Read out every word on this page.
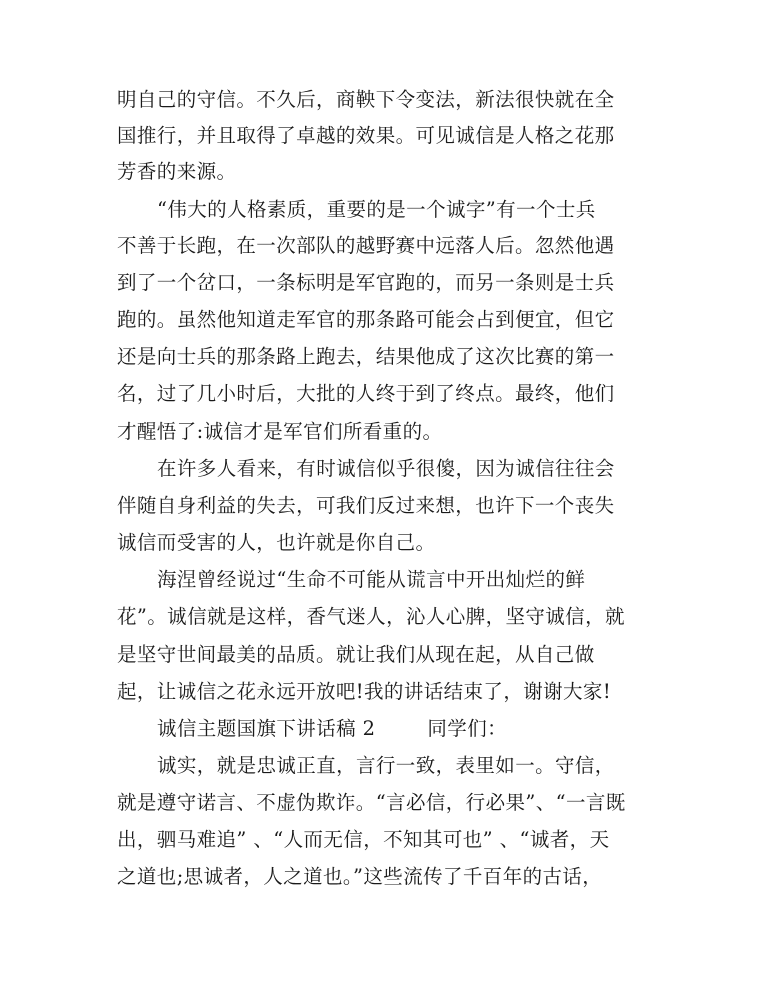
明自己的守信。不久后，商鞅下令变法，新法很快就在全
国推行，并且取得了卓越的效果。可见诚信是人格之花那
芳香的来源。
“伟大的人格素质，重要的是一个诚字”有一个士兵
不善于长跑，在一次部队的越野赛中远落人后。忽然他遇
到了一个岔口，一条标明是军官跑的，而另一条则是士兵
跑的。虽然他知道走军官的那条路可能会占到便宜，但它
还是向士兵的那条路上跑去，结果他成了这次比赛的第一
名，过了几小时后，大批的人终于到了终点。最终，他们
才醒悟了:诚信才是军官们所看重的。
在许多人看来，有时诚信似乎很傻，因为诚信往往会
伴随自身利益的失去，可我们反过来想，也许下一个丧失
诚信而受害的人，也许就是你自己。
海涅曾经说过“生命不可能从谎言中开出灿烂的鲜
花”。诚信就是这样，香气迷人，沁人心脾，坚守诚信，就
是坚守世间最美的品质。就让我们从现在起，从自己做
起，让诚信之花永远开放吧!我的讲话结束了，谢谢大家!
诚信主题国旗下讲话稿 2	同学们：
诚实，就是忠诚正直，言行一致，表里如一。守信，
就是遵守诺言、不虚伪欺诈。“言必信，行必果”、“一言既
出，驷马难追” 、“人而无信，不知其可也” 、“诚者，天
之道也;思诚者，人之道也。”这些流传了千百年的古话，
